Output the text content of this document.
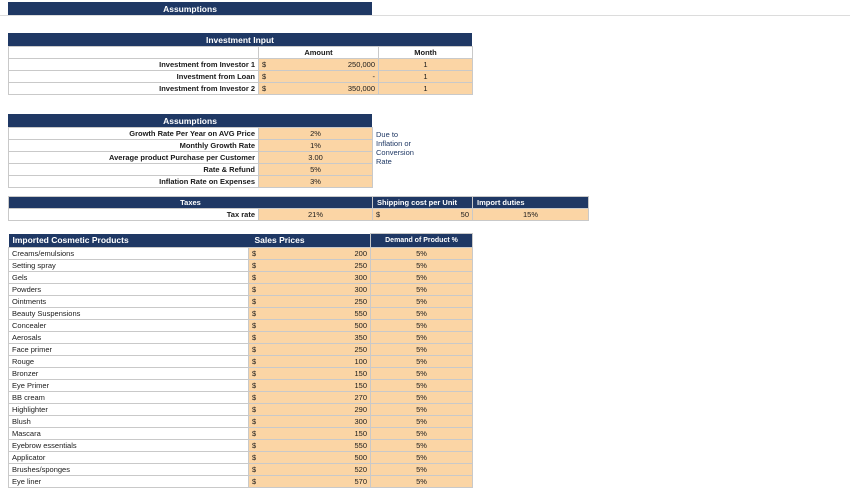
Assumptions
Investment Input
	Amount	Month
Investment from Investor 1	$ 250,000	1
Investment from Loan	$ -	1
Investment from Investor 2	$ 350,000	1
Assumptions
Growth Rate Per Year on AVG Price	2%
Monthly Growth Rate	1%
Average product Purchase per Customer	3.00
Rate & Refund	5%
Inflation Rate on Expenses	3%
Due to Inflation or Conversion Rate
Taxes		Shipping cost per Unit	Import duties
Tax rate	21%	$ 50	15%
Imported Cosmetic Products	Sales Prices	Demand of Product %
Creams/emulsions	$ 200	5%
Setting spray	$ 250	5%
Gels	$ 300	5%
Powders	$ 300	5%
Ointments	$ 250	5%
Beauty Suspensions	$ 550	5%
Concealer	$ 500	5%
Aerosals	$ 350	5%
Face primer	$ 250	5%
Rouge	$ 100	5%
Bronzer	$ 150	5%
Eye Primer	$ 150	5%
BB cream	$ 270	5%
Highlighter	$ 290	5%
Blush	$ 300	5%
Mascara	$ 150	5%
Eyebrow essentials	$ 550	5%
Applicator	$ 500	5%
Brushes/sponges	$ 520	5%
Eye liner	$ 570	5%
